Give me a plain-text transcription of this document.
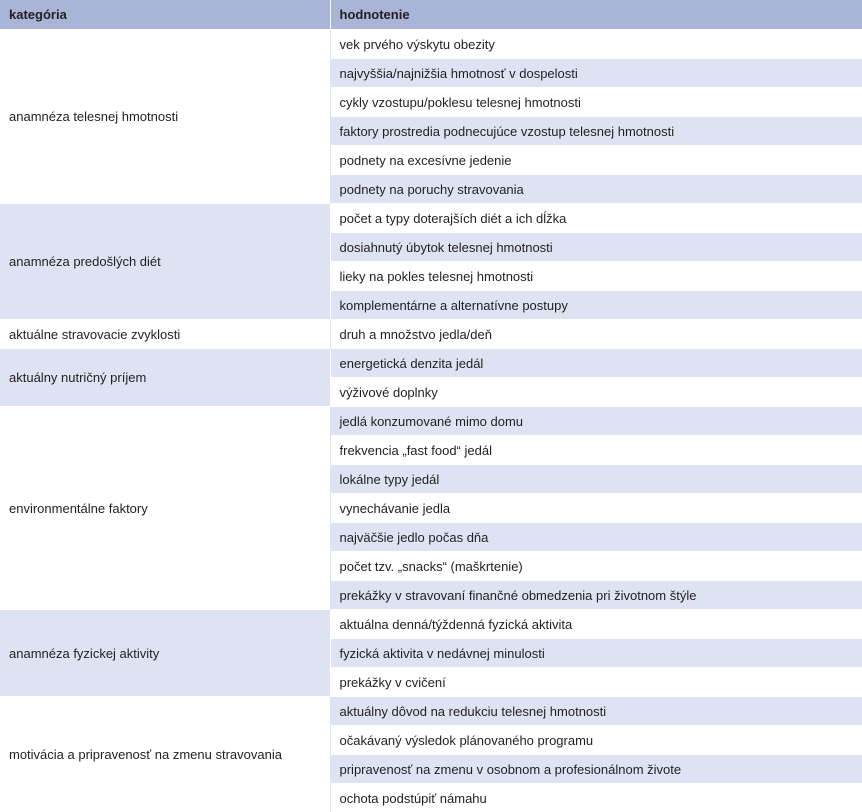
kategória	hodnotenie
anamnéza telesnej hmotnosti	vek prvého výskytu obezity
	najvyššia/najnižšia hmotnosť v dospelosti
	cykly vzostupu/poklesu telesnej hmotnosti
	faktory prostredia podnecujúce vzostup telesnej hmotnosti
	podnety na excesívne jedenie
	podnety na poruchy stravovania
anamnéza predošlých diét	počet a typy doterajších diét a ich dĺžka
	dosiahnutý úbytok telesnej hmotnosti
	lieky na pokles telesnej hmotnosti
	komplementárne a alternatívne postupy
aktuálne stravovacie zvyklosti	druh a množstvo jedla/deň
aktuálny nutričný príjem	energetická denzita jedál
	výživové doplnky
environmentálne faktory	jedlá konzumované mimo domu
	frekvencia „fast food“ jedál
	lokálne typy jedál
	vynechávanie jedla
	najväčšie jedlo počas dňa
	počet tzv. „snacks“ (maškrtenie)
	prekážky v stravovaní finančné obmedzenia pri životnom štýle
anamnéza fyzickej aktivity	aktuálna denná/týždenná fyzická aktivita
	fyzická aktivita v nedávnej minulosti
	prekážky v cvičení
motivácia a pripravenosť na zmenu stravovania	aktuálny dôvod na redukciu telesnej hmotnosti
	očakávaný výsledok plánovaného programu
	pripravenosť na zmenu v osobnom a profesionálnom živote
	ochota podstúpiť námahu
